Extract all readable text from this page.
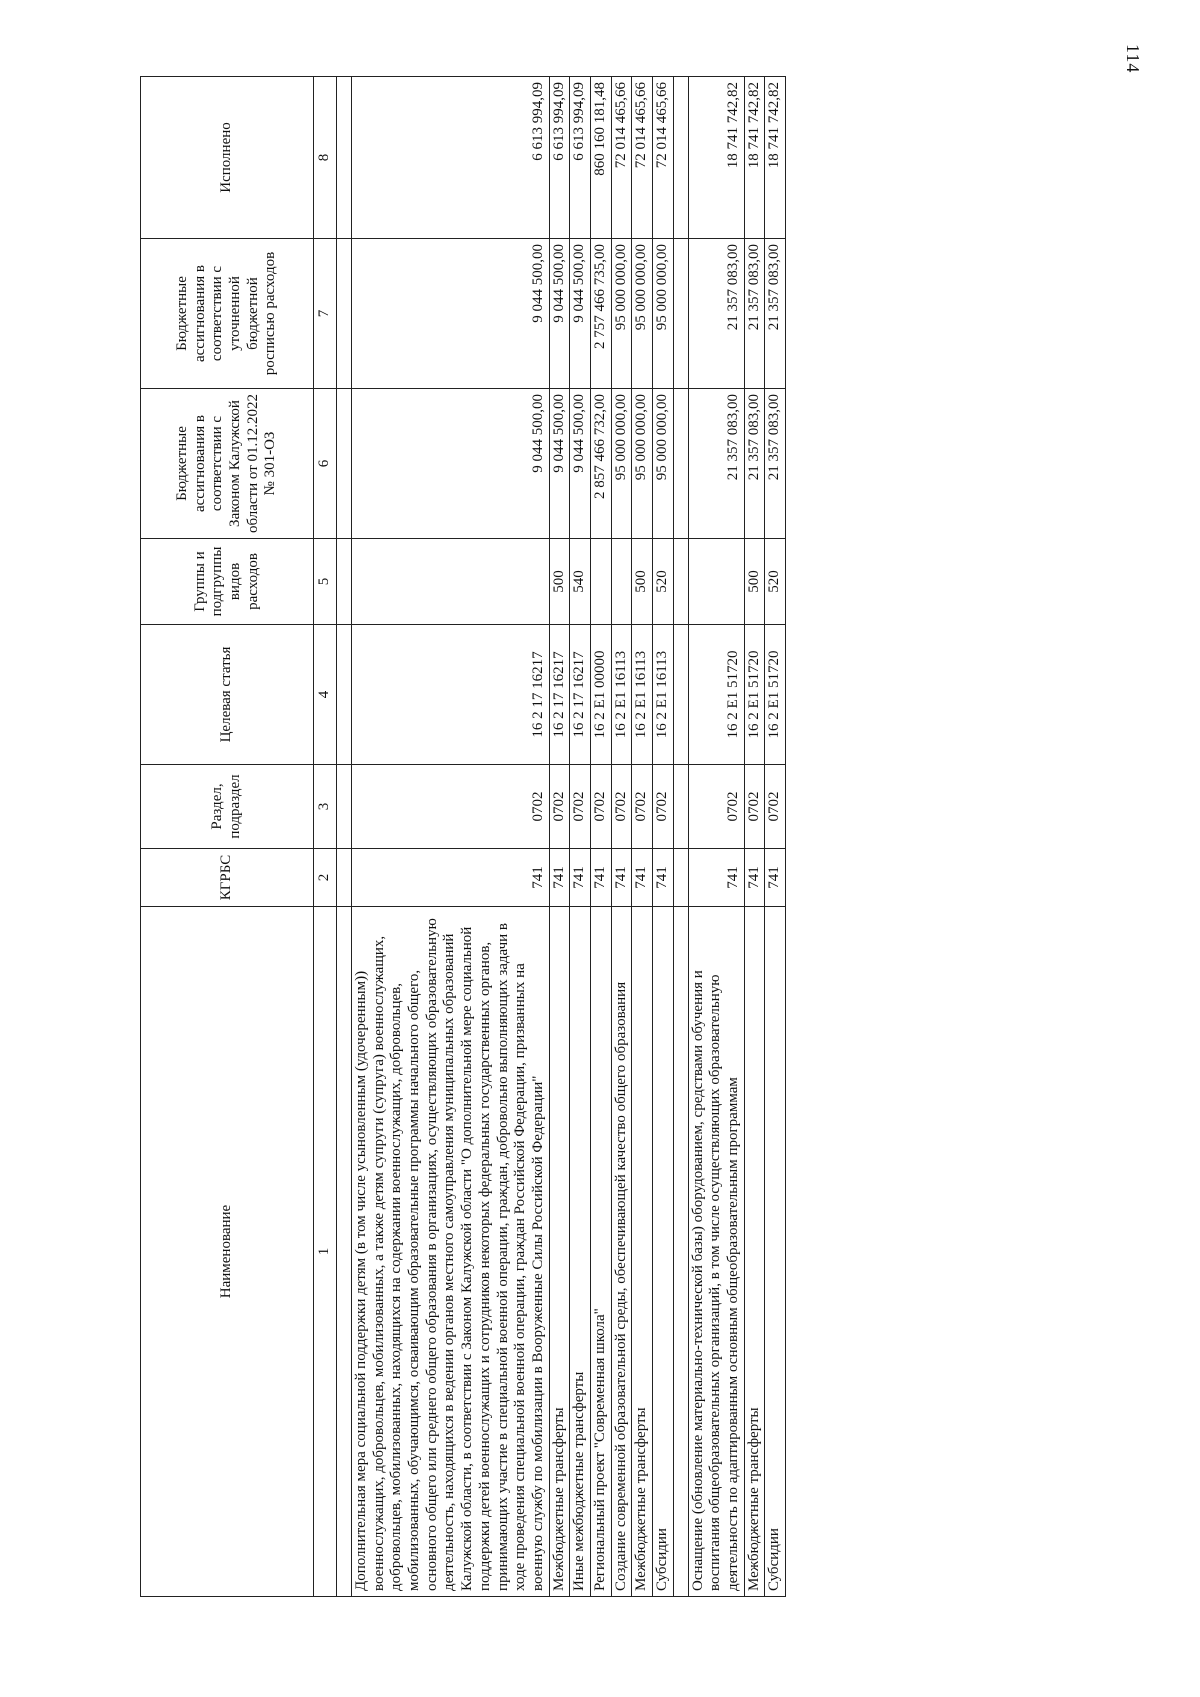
114
Наименование	КГРБС	Раздел, подраздел	Целевая статья	Группы и подгруппы видов расходов	Бюджетные ассигнования в соответствии с Законом Калужской области от 01.12.2022 № 301-ОЗ	Бюджетные ассигнования в соответствии с уточненной бюджетной росписью расходов	Исполнено
1	2	3	4	5	6	7	8

Дополнительная мера социальной поддержки детям (в том числе усыновленным (удочеренным)) военнослужащих, добровольцев, мобилизованных, а также детям супруги (супруга) военнослужащих, добровольцев, мобилизованных, находящихся на содержании военнослужащих, добровольцев, мобилизованных, обучающимся, осваивающим образовательные программы начального общего, основного общего или среднего общего образования в организациях, осуществляющих образовательную деятельность, находящихся в ведении органов местного самоуправления муниципальных образований Калужской области, в соответствии с Законом Калужской области "О дополнительной мере социальной поддержки детей военнослужащих и сотрудников некоторых федеральных государственных органов, принимающих участие в специальной военной операции, граждан, добровольно выполняющих задачи в ходе проведения специальной военной операции, граждан Российской Федерации, призванных на военную службу по мобилизации в Вооруженные Силы Российской Федерации"	741	0702	16 2 17 16217		9 044 500,00	9 044 500,00	6 613 994,09
Межбюджетные трансферты	741	0702	16 2 17 16217	500	9 044 500,00	9 044 500,00	6 613 994,09
Иные межбюджетные трансферты	741	0702	16 2 17 16217	540	9 044 500,00	9 044 500,00	6 613 994,09
Региональный проект "Современная школа"	741	0702	16 2 E1 00000		2 857 466 732,00	2 757 466 735,00	860 160 181,48
Создание современной образовательной среды, обеспечивающей качество общего образования	741	0702	16 2 E1 16113		95 000 000,00	95 000 000,00	72 014 465,66
Межбюджетные трансферты	741	0702	16 2 E1 16113	500	95 000 000,00	95 000 000,00	72 014 465,66
Субсидии	741	0702	16 2 E1 16113	520	95 000 000,00	95 000 000,00	72 014 465,66

Оснащение (обновление материально-технической базы) оборудованием, средствами обучения и воспитания общеобразовательных организаций, в том числе осуществляющих образовательную деятельность по адаптированным основным общеобразовательным программам	741	0702	16 2 E1 51720		21 357 083,00	21 357 083,00	18 741 742,82
Межбюджетные трансферты	741	0702	16 2 E1 51720	500	21 357 083,00	21 357 083,00	18 741 742,82
Субсидии	741	0702	16 2 E1 51720	520	21 357 083,00	21 357 083,00	18 741 742,82
